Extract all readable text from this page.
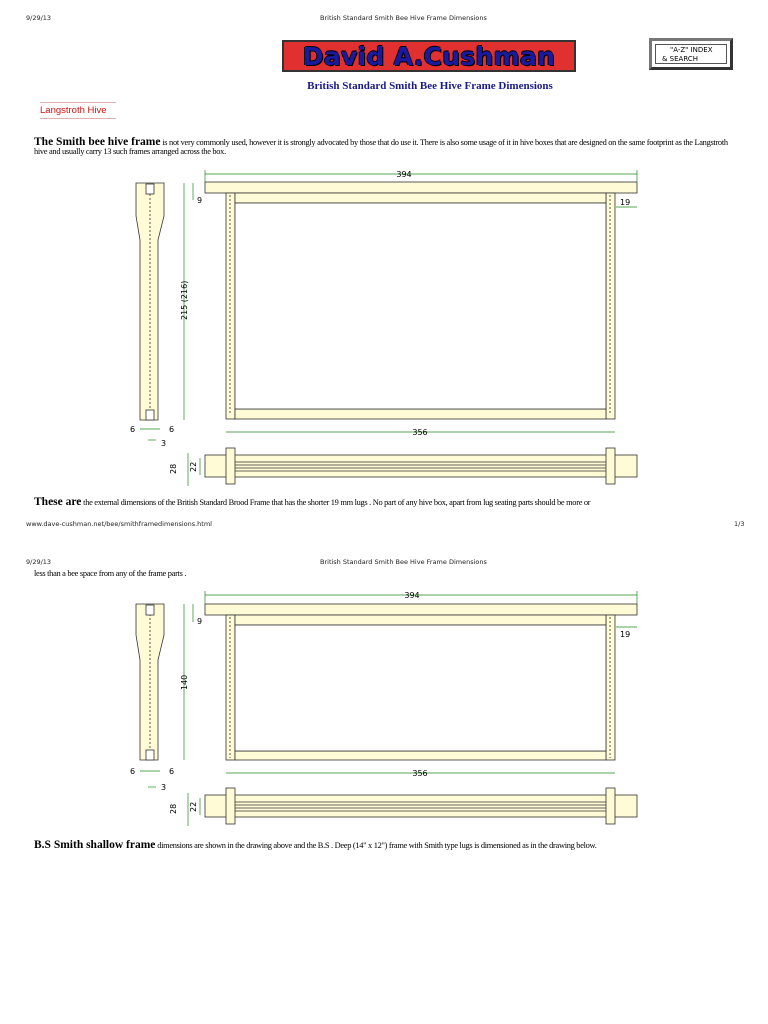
9/29/13	British Standard Smith Bee Hive Frame Dimensions
David A.Cushman	"A-Z" INDEX
& SEARCH
British Standard Smith Bee Hive Frame Dimensions
Langstroth Hive
The Smith bee hive frame is not very commonly used, however it is strongly advocated by those that do use it. There is also some usage of it in hive boxes that are designed on the same footprint as the Langstroth hive and usually carry 13 such frames arranged across the box.
394
9	19
215 (216)
6	6
3
356
28 22
These are the external dimensions of the British Standard Brood Frame that has the shorter 19 mm lugs . No part of any hive box, apart from lug seating parts should be more or
www.dave-cushman.net/bee/smithframedimensions.html	1/3
9/29/13	British Standard Smith Bee Hive Frame Dimensions
less than a bee space from any of the frame parts .
394
9
19
140
6	6
3
356
28 22
B.S Smith shallow frame dimensions are shown in the drawing above and the B.S . Deep (14" x 12") frame with Smith type lugs is dimensioned as in the drawing below.
